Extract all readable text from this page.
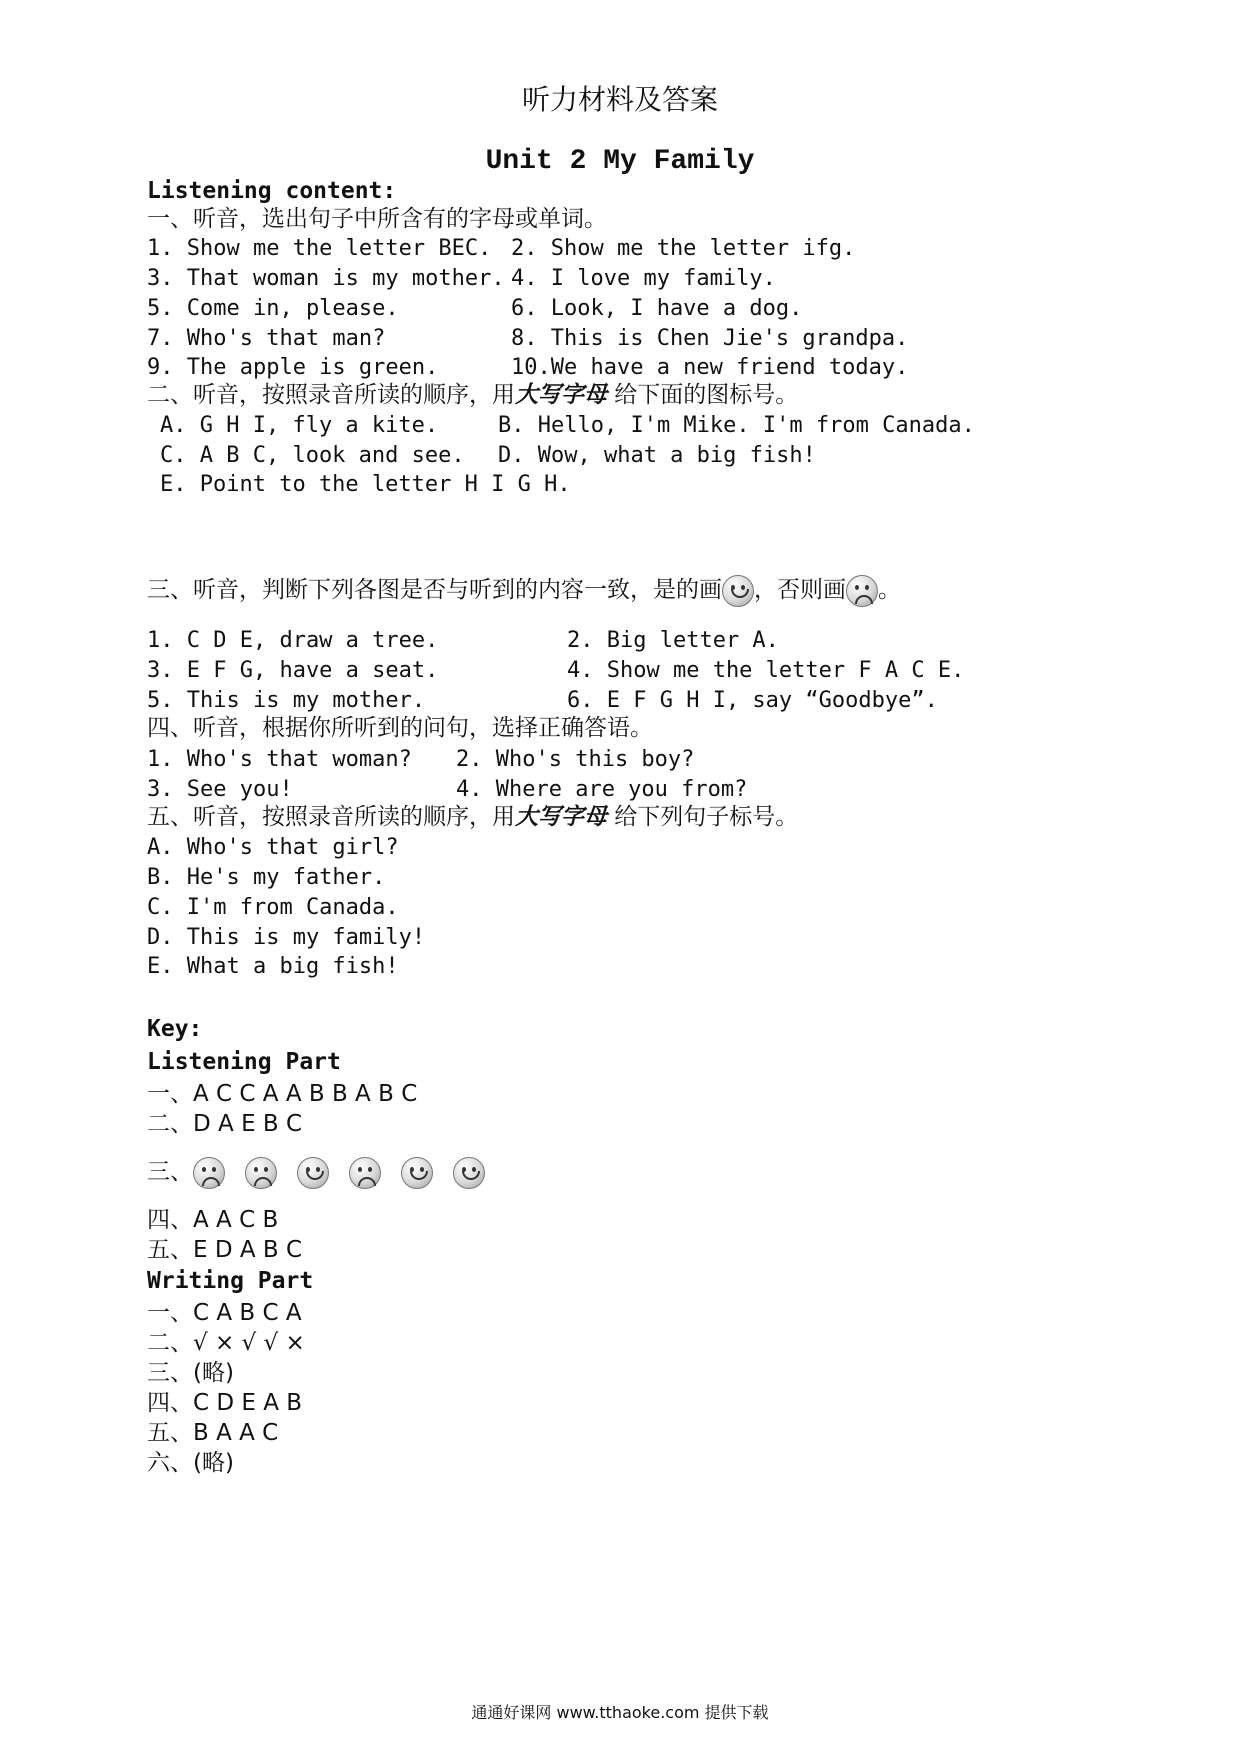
听力材料及答案
Unit 2 My Family
Listening content:
一、听音，选出句子中所含有的字母或单词。
1. Show me the letter BEC. 2. Show me the letter ifg.
3. That woman is my mother. 4. I love my family.
5. Come in, please.	6. Look, I have a dog.
7. Who's that man?	8. This is Chen Jie's grandpa.
9. The apple is green.	10.We have a new friend today.
二、听音，按照录音所读的顺序，用大写字母 给下面的图标号。
A. G H I, fly a kite.	B. Hello, I'm Mike. I'm from Canada.
C. A B C, look and see. D. Wow, what a big fish!
E. Point to the letter H I G H.
三、听音，判断下列各图是否与听到的内容一致，是的画 ，否则画 。
1. C D E, draw a tree.	2. Big letter A.
3. E F G, have a seat.	4. Show me the letter F A C E.
5. This is my mother.	6. E F G H I, say “Goodbye”.
四、听音，根据你所听到的问句，选择正确答语。
1. Who's that woman? 2. Who's this boy?
3. See you!	4. Where are you from?
五、听音，按照录音所读的顺序，用大写字母 给下列句子标号。
A. Who's that girl?
B. He's my father.
C. I'm from Canada.
D. This is my family!
E. What a big fish!
Key:
Listening Part
一、A C C A A B B A B C
二、D A E B C
三、
四、A A C B
五、E D A B C
Writing Part
一、C A B C A
二、√ × √ √ ×
三、(略)
四、C D E A B
五、B A A C
六、(略)
通通好课网 www.tthaoke.com 提供下载
